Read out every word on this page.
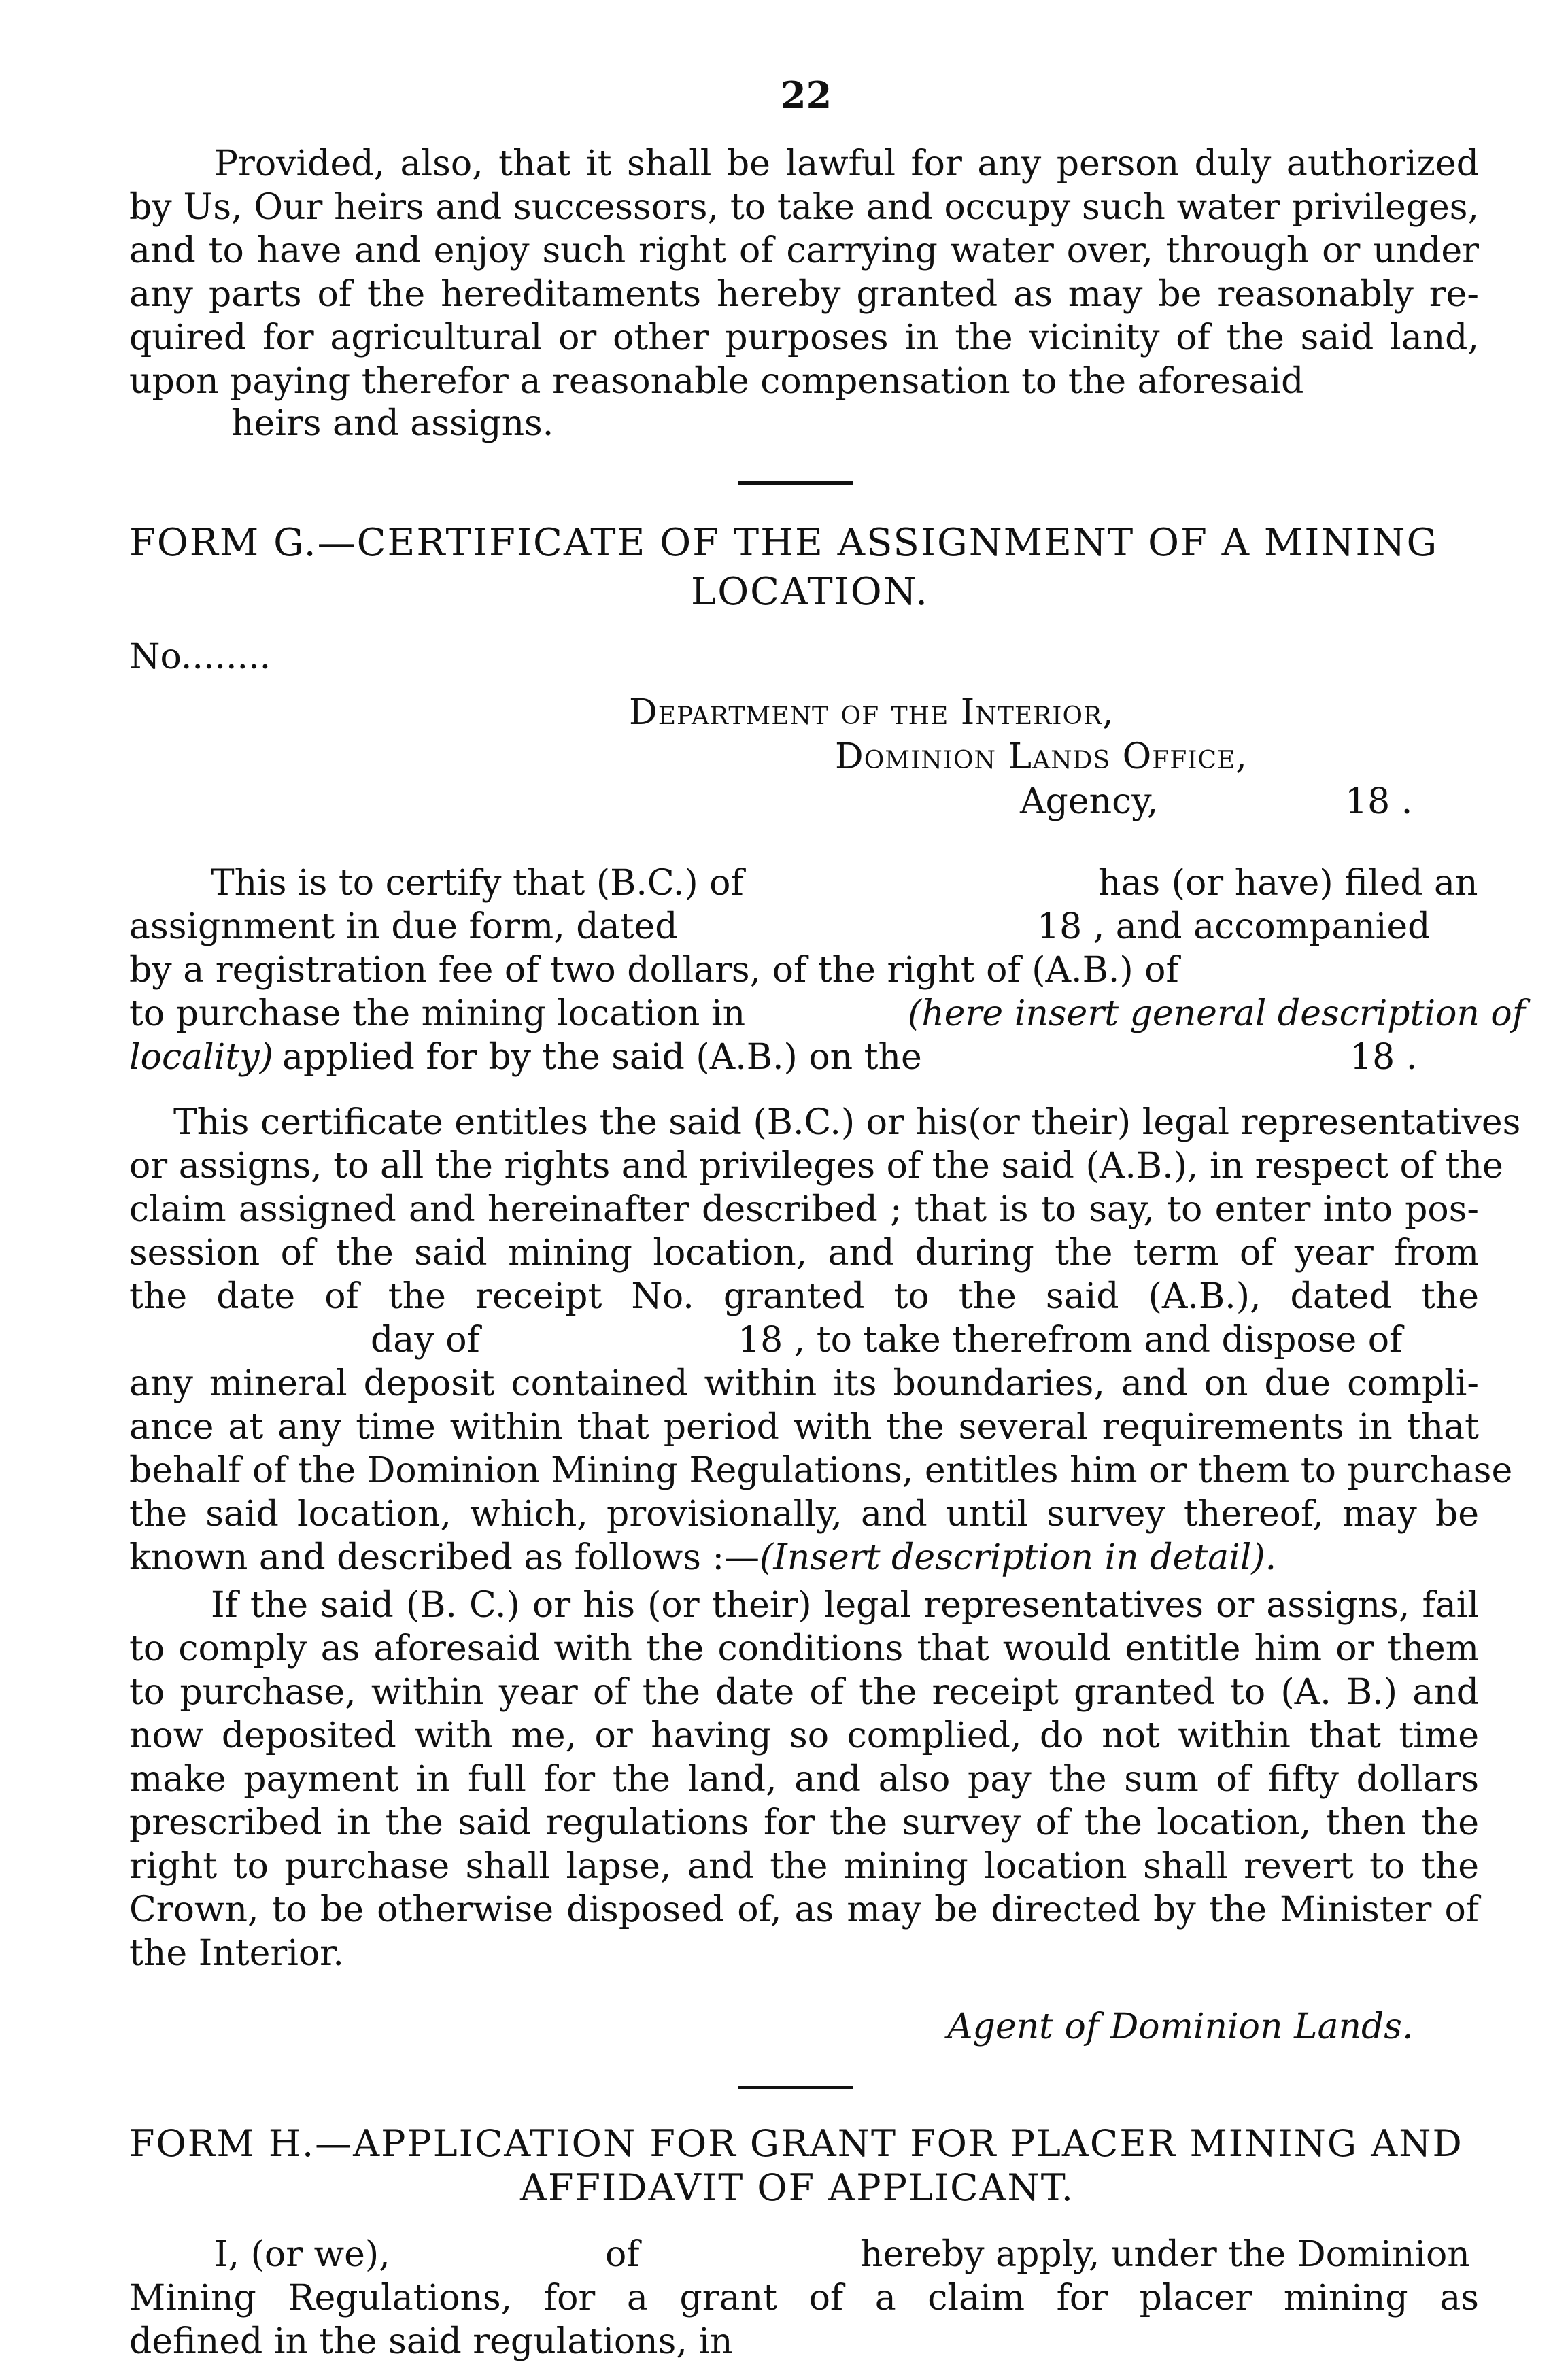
22
Provided, also, that it shall be lawful for any person duly authorized
by Us, Our heirs and successors, to take and occupy such water privileges,
and to have and enjoy such right of carrying water over, through or under
any parts of the hereditaments hereby granted as may be reasonably re-
quired for agricultural or other purposes in the vicinity of the said land,
upon paying therefor a reasonable compensation to the aforesaid
heirs and assigns.
FORM G.—CERTIFICATE OF THE ASSIGNMENT OF A MINING
LOCATION.
No........
Department of the Interior,
Dominion Lands Office,
Agency,	18 .
This is to certify that (B.C.) of	has (or have) filed an
assignment in due form, dated	18 , and accompanied
by a registration fee of two dollars, of the right of (A.B.) of
to purchase the mining location in	(here insert general description of
locality) applied for by the said (A.B.) on the	18 .
This certificate entitles the said (B.C.) or his(or their) legal representatives
or assigns, to all the rights and privileges of the said (A.B.), in respect of the
claim assigned and hereinafter described ; that is to say, to enter into pos-
session of the said mining location, and during the term of year from
the date of the receipt No. granted to the said (A.B.), dated the
day of	18 , to take therefrom and dispose of
any mineral deposit contained within its boundaries, and on due compli-
ance at any time within that period with the several requirements in that
behalf of the Dominion Mining Regulations, entitles him or them to purchase
the said location, which, provisionally, and until survey thereof, may be
known and described as follows :—(Insert description in detail).
If the said (B. C.) or his (or their) legal representatives or assigns, fail
to comply as aforesaid with the conditions that would entitle him or them
to purchase, within year of the date of the receipt granted to (A. B.) and
now deposited with me, or having so complied, do not within that time
make payment in full for the land, and also pay the sum of fifty dollars
prescribed in the said regulations for the survey of the location, then the
right to purchase shall lapse, and the mining location shall revert to the
Crown, to be otherwise disposed of, as may be directed by the Minister of
the Interior.
Agent of Dominion Lands.
FORM H.—APPLICATION FOR GRANT FOR PLACER MINING AND
AFFIDAVIT OF APPLICANT.
I, (or we),	of	hereby apply, under the Dominion
Mining Regulations, for a grant of a claim for placer mining as
defined in the said regulations, in
